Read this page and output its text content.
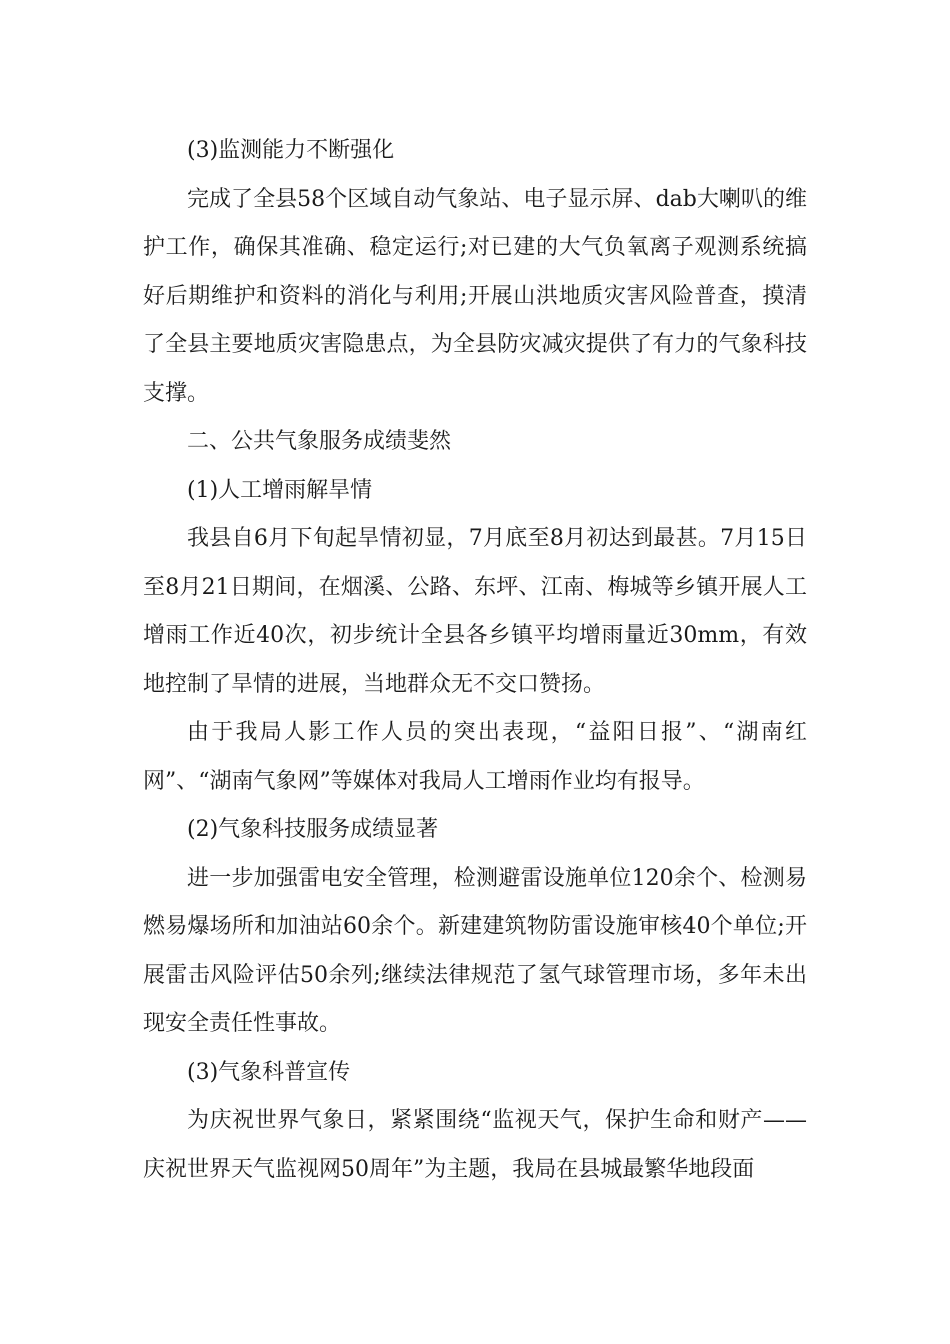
(3)监测能力不断强化

完成了全县58个区域自动气象站、电子显示屏、dab大喇叭的维护工作，确保其准确、稳定运行;对已建的大气负氧离子观测系统搞好后期维护和资料的消化与利用;开展山洪地质灾害风险普查，摸清了全县主要地质灾害隐患点，为全县防灾减灾提供了有力的气象科技支撑。

二、公共气象服务成绩斐然

(1)人工增雨解旱情

我县自6月下旬起旱情初显，7月底至8月初达到最甚。7月15日至8月21日期间，在烟溪、公路、东坪、江南、梅城等乡镇开展人工增雨工作近40次，初步统计全县各乡镇平均增雨量近30mm，有效地控制了旱情的进展，当地群众无不交口赞扬。

由于我局人影工作人员的突出表现，“益阳日报”、“湖南红网”、“湖南气象网”等媒体对我局人工增雨作业均有报导。

(2)气象科技服务成绩显著

进一步加强雷电安全管理，检测避雷设施单位120余个、检测易燃易爆场所和加油站60余个。新建建筑物防雷设施审核40个单位;开展雷击风险评估50余列;继续法律规范了氢气球管理市场，多年未出现安全责任性事故。

(3)气象科普宣传

为庆祝世界气象日，紧紧围绕“监视天气，保护生命和财产——庆祝世界天气监视网50周年”为主题，我局在县城最繁华地段面
